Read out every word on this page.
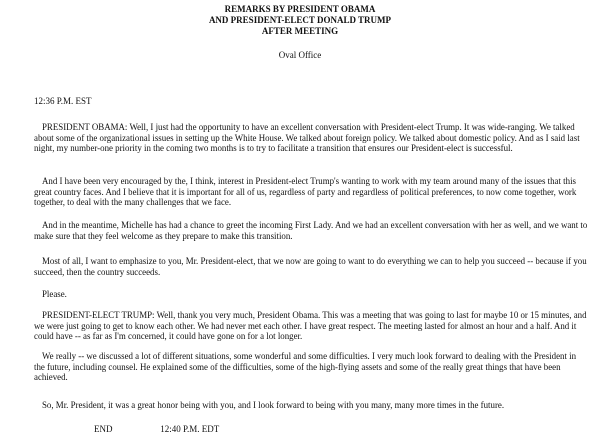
REMARKS BY PRESIDENT OBAMA
AND PRESIDENT-ELECT DONALD TRUMP
AFTER MEETING
Oval Office
12:36 P.M. EST

PRESIDENT OBAMA: Well, I just had the opportunity to have an excellent conversation with President-elect Trump. It was wide-ranging. We talked about some of the organizational issues in setting up the White House. We talked about foreign policy. We talked about domestic policy. And as I said last night, my number-one priority in the coming two months is to try to facilitate a transition that ensures our President-elect is successful.

And I have been very encouraged by the, I think, interest in President-elect Trump's wanting to work with my team around many of the issues that this great country faces. And I believe that it is important for all of us, regardless of party and regardless of political preferences, to now come together, work together, to deal with the many challenges that we face.

And in the meantime, Michelle has had a chance to greet the incoming First Lady. And we had an excellent conversation with her as well, and we want to make sure that they feel welcome as they prepare to make this transition.

Most of all, I want to emphasize to you, Mr. President-elect, that we now are going to want to do everything we can to help you succeed -- because if you succeed, then the country succeeds.

Please.

PRESIDENT-ELECT TRUMP: Well, thank you very much, President Obama. This was a meeting that was going to last for maybe 10 or 15 minutes, and we were just going to get to know each other. We had never met each other. I have great respect. The meeting lasted for almost an hour and a half. And it could have -- as far as I'm concerned, it could have gone on for a lot longer.

We really -- we discussed a lot of different situations, some wonderful and some difficulties. I very much look forward to dealing with the President in the future, including counsel. He explained some of the difficulties, some of the high-flying assets and some of the really great things that have been achieved.

So, Mr. President, it was a great honor being with you, and I look forward to being with you many, many more times in the future.

END	12:40 P.M. EDT
